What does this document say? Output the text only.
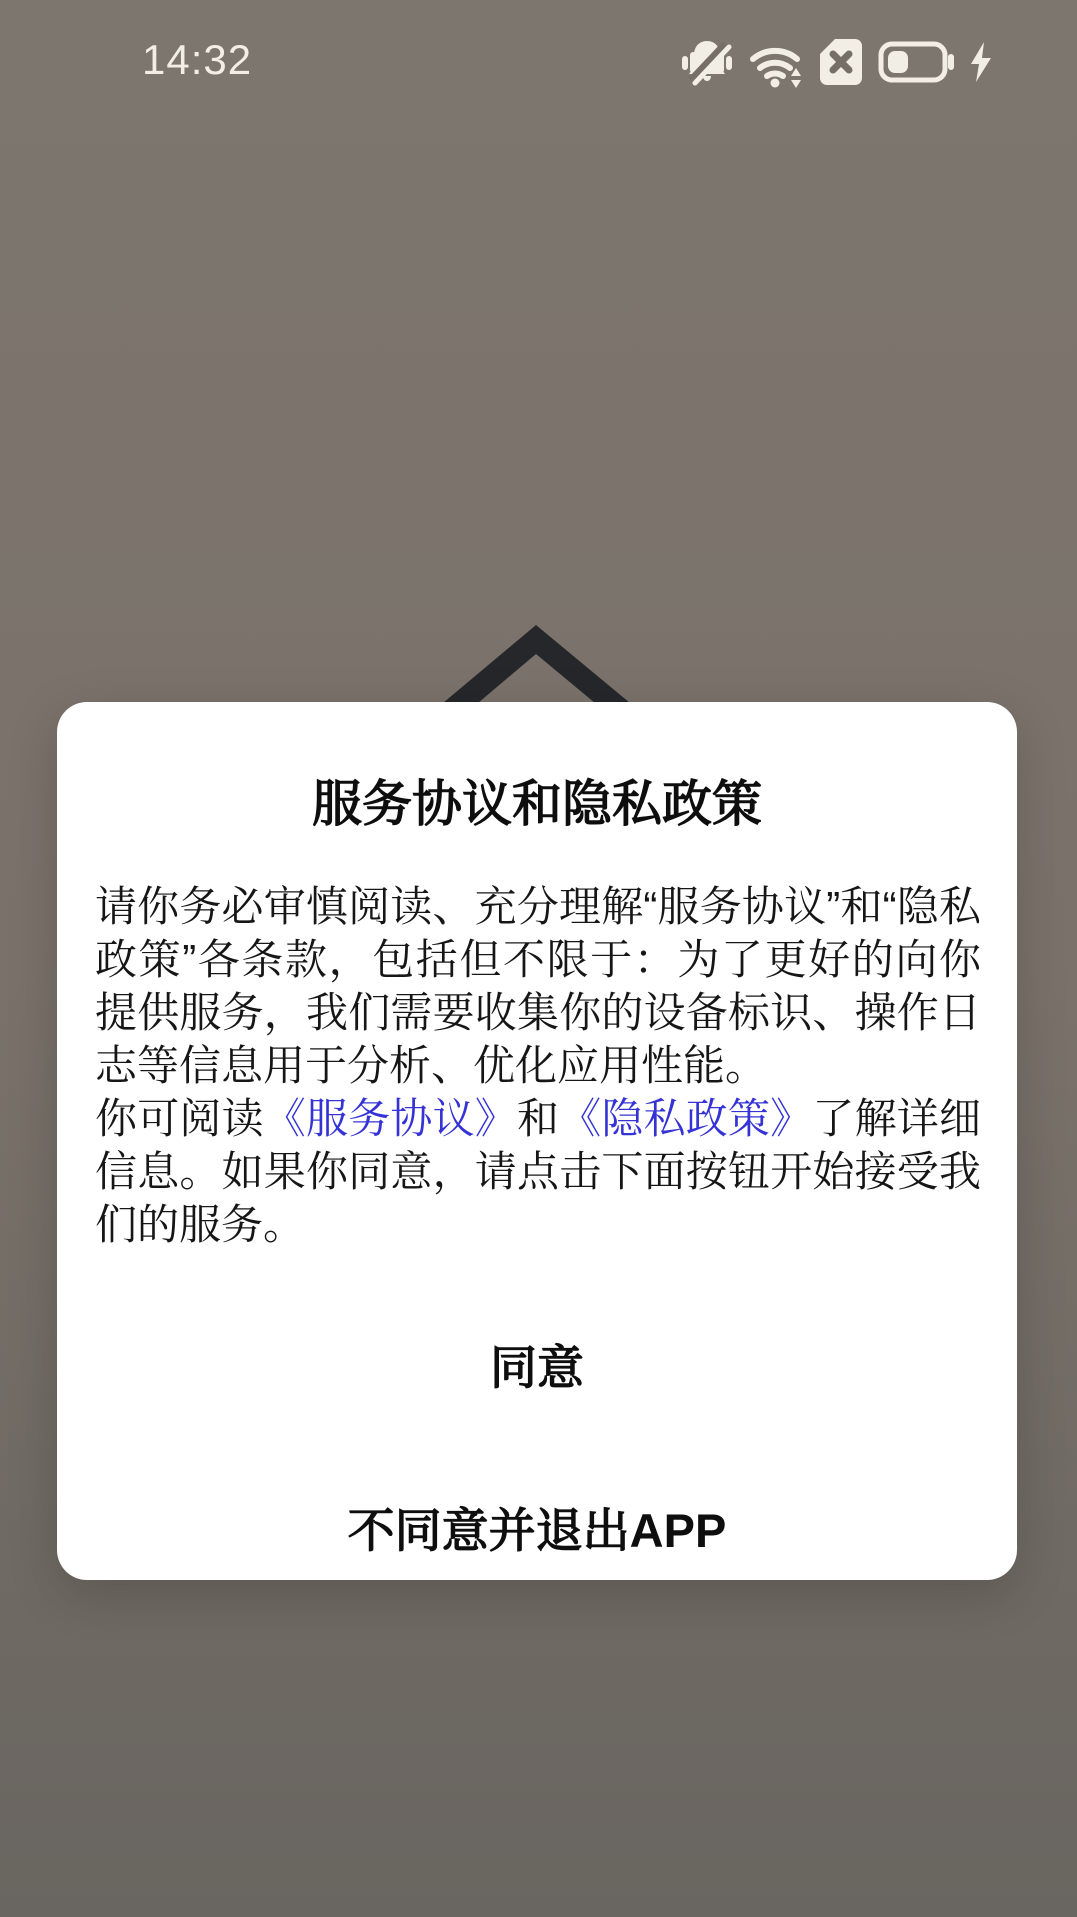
14:32
服务协议和隐私政策

请你务必审慎阅读、充分理解“服务协议”和“隐私政策”各条款，包括但不限于：为了更好的向你提供服务，我们需要收集你的设备标识、操作日志等信息用于分析、优化应用性能。

你可阅读《服务协议》和《隐私政策》了解详细信息。如果你同意，请点击下面按钮开始接受我们的服务。

同意
不同意并退出APP
